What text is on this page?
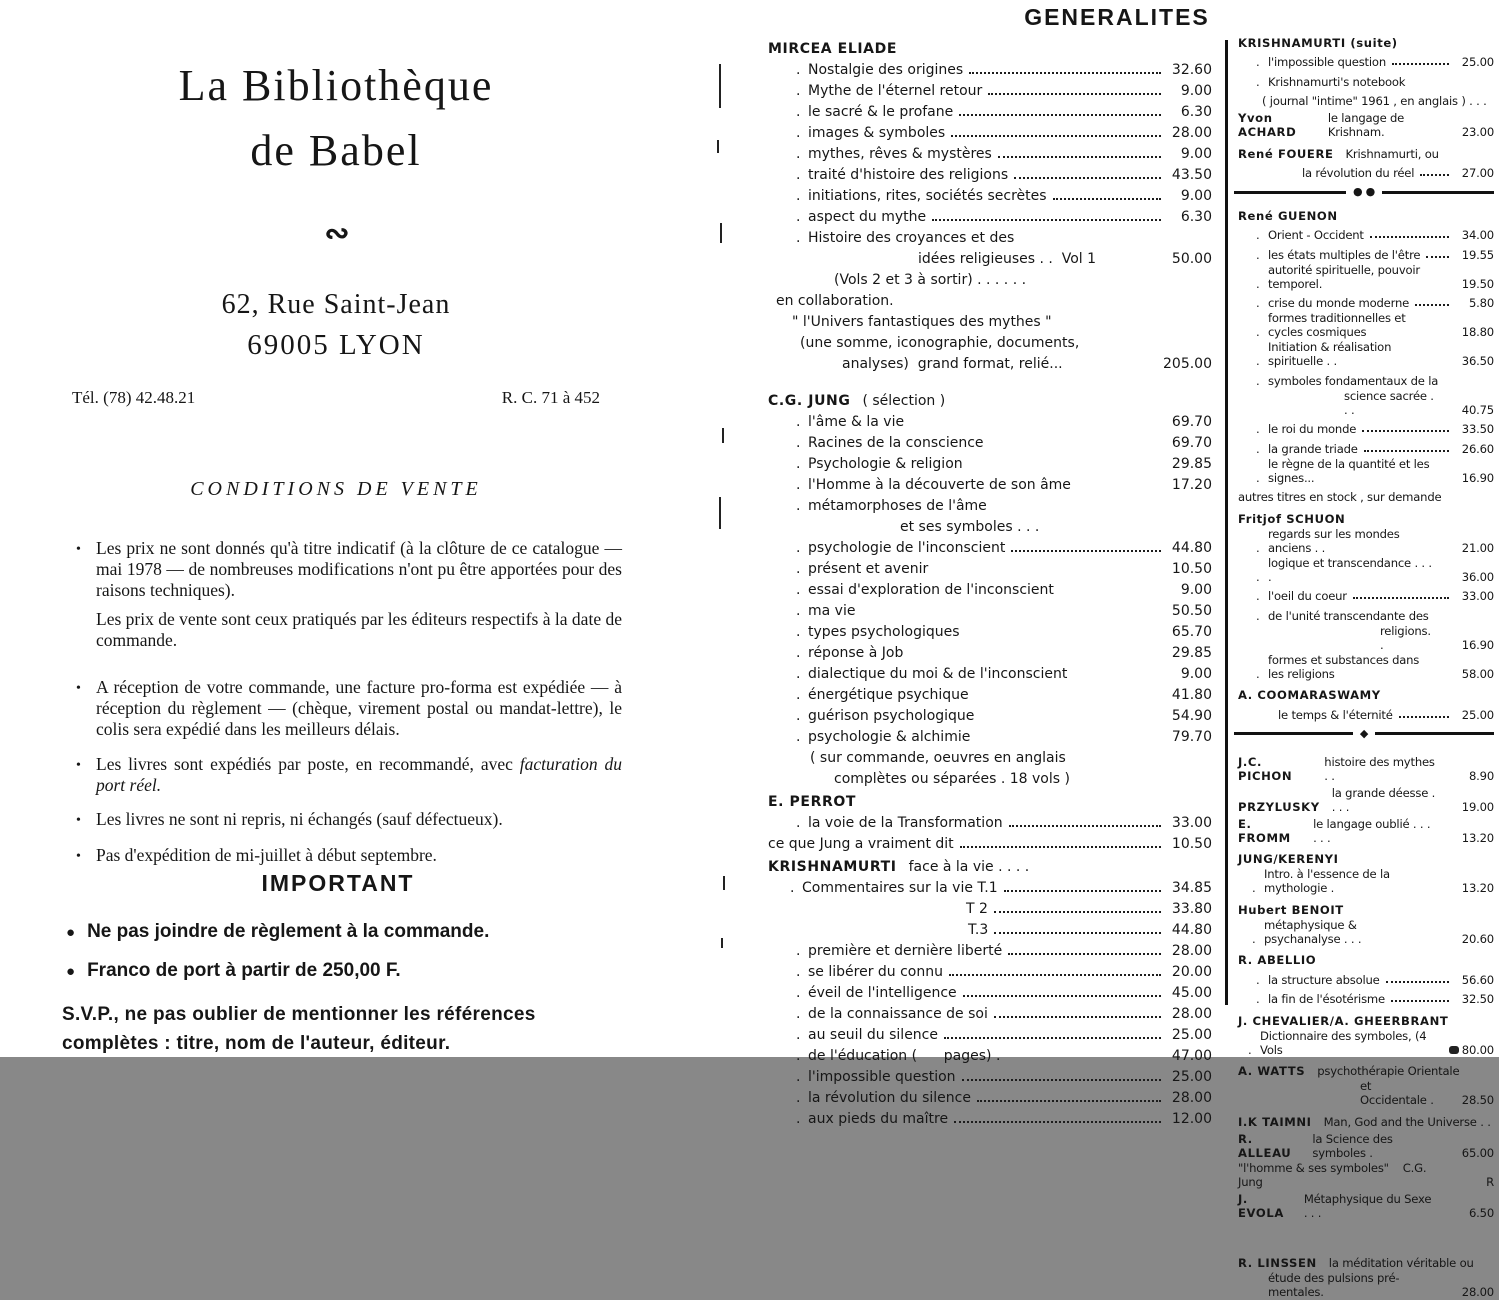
La Bibliothèque
de Babel
∾
62, Rue Saint-Jean
69005 LYON
Tél. (78) 42.48.21	R. C. 71 à 452
CONDITIONS DE VENTE

• Les prix ne sont donnés qu'à titre indicatif (à la clôture de ce catalogue — mai 1978 — de nombreuses modifications n'ont pu être apportées pour des raisons techniques).

Les prix de vente sont ceux pratiqués par les éditeurs respectifs à la date de commande.

• A réception de votre commande, une facture pro-forma est expédiée — à réception du règlement — (chèque, virement postal ou mandat-lettre), le colis sera expédié dans les meilleurs délais.

• Les livres sont expédiés par poste, en recommandé, avec facturation du port réel.

• Les livres ne sont ni repris, ni échangés (sauf défectueux).

• Pas d'expédition de mi-juillet à début septembre.

IMPORTANT

● Ne pas joindre de règlement à la commande.

● Franco de port à partir de 250,00 F.

S.V.P., ne pas oublier de mentionner les références complètes : titre, nom de l'auteur, éditeur.

GENERALITES
MIRCEA ELIADE
. Nostalgie des origines	32.60
. Mythe de l'éternel retour	9.00
. le sacré & le profane	6.30
. images & symboles	28.00
. mythes, rêves & mystères	9.00
. traité d'histoire des religions	43.50
. initiations, rites, sociétés secrètes	9.00
. aspect du mythe	6.30
. Histoire des croyances et des
idées religieuses . .  Vol 1	50.00
(Vols 2 et 3 à sortir) . . . . . .
en collaboration.
" l'Univers fantastiques des mythes "
(une somme, iconographie, documents,
analyses)  grand format, relié...	205.00
C.G. JUNG ( sélection )
. l'âme & la vie	69.70
. Racines de la conscience	69.70
. Psychologie & religion	29.85
. l'Homme à la découverte de son âme	17.20
. métamorphoses de l'âme
et ses symboles . . .
. psychologie de l'inconscient	44.80
. présent et avenir	10.50
. essai d'exploration de l'inconscient	9.00
. ma vie	50.50
. types psychologiques	65.70
. réponse à Job	29.85
. dialectique du moi & de l'inconscient	9.00
. énergétique psychique	41.80
. guérison psychologique	54.90
. psychologie & alchimie	79.70
( sur commande, oeuvres en anglais
complètes ou séparées . 18 vols )
E. PERROT
. la voie de la Transformation	33.00
ce que Jung a vraiment dit	10.50
KRISHNAMURTI face à la vie . . . .
. Commentaires sur la vie T.1	34.85
T 2	33.80
T.3	44.80
. première et dernière liberté	28.00
. se libérer du connu	20.00
. éveil de l'intelligence	45.00
. de la connaissance de soi	28.00
. au seuil du silence	25.00
. de l'éducation (      pages) .	47.00
. l'impossible question	25.00
. la révolution du silence	28.00
. aux pieds du maître	12.00
KRISHNAMURTI (suite)
. l'impossible question	25.00
. Krishnamurti's notebook
( journal "intime" 1961 , en anglais ) . . .
Yvon ACHARD
le langage de Krishnam.	23.00
René FOUERE Krishnamurti, ou
la révolution du réel	27.00
● ●
René GUENON
. Orient - Occident	34.00
. les états multiples de l'être	19.55
.
autorité spirituelle, pouvoir temporel.	19.50
. crise du monde moderne	5.80
.
formes traditionnelles et cycles cosmiques	18.80
.
Initiation & réalisation spirituelle . .	36.50
. symboles fondamentaux de la
science sacrée . . .	40.75
. le roi du monde	33.50
. la grande triade	26.60
.
le règne de la quantité et les signes...	16.90
autres titres en stock , sur demande
Fritjof SCHUON
.
regards sur les mondes anciens . .	21.00
.
logique et transcendance . . . .	36.00
. l'oeil du coeur	33.00
. de l'unité transcendante des
religions. .	16.90
.
formes et substances dans les religions	58.00
A. COOMARASWAMY
le temps & l'éternité	25.00
◆
J.C. PICHON
histoire des mythes . .	8.90
PRZYLUSKY
la grande déesse . . . .	19.00
E. FROMM
le langage oublié . . . . . .	13.20
JUNG/KERENYI
.
Intro. à l'essence de la mythologie .	13.20
Hubert BENOIT
.
métaphysique & psychanalyse . . .	20.60
R. ABELLIO
. la structure absolue	56.60
. la fin de l'ésotérisme	32.50
J. CHEVALIER/A. GHEERBRANT
.
Dictionnaire des symboles, (4 Vols	80.00
A. WATTS psychothérapie Orientale
et Occidentale .	28.50
I.K TAIMNI Man, God and the Universe . .
R. ALLEAU
la Science des symboles .	65.00
"l'homme & ses symboles"    C.G. Jung	R
J. EVOLA
Métaphysique du Sexe . . .	6.50
R. LINSSEN la méditation véritable ou
étude des pulsions pré-mentales.	28.00
